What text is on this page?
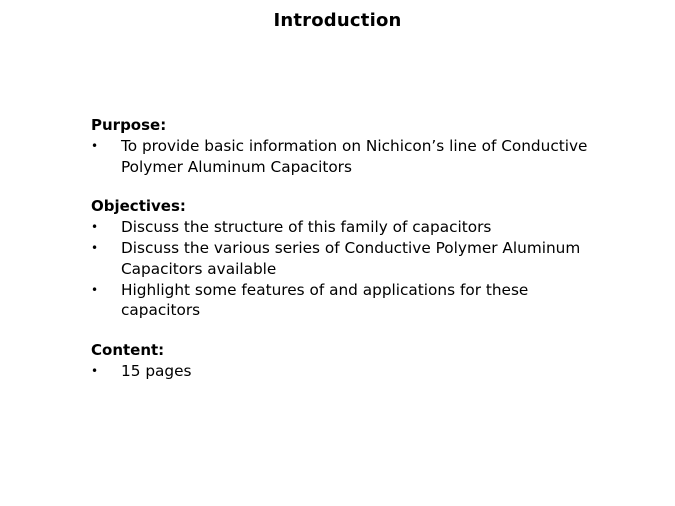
Introduction
Purpose:
• To provide basic information on Nichicon’s line of Conductive Polymer Aluminum Capacitors
Objectives:
• Discuss the structure of this family of capacitors
• Discuss the various series of Conductive Polymer Aluminum Capacitors available
• Highlight some features of and applications for these capacitors
Content:
• 15 pages
